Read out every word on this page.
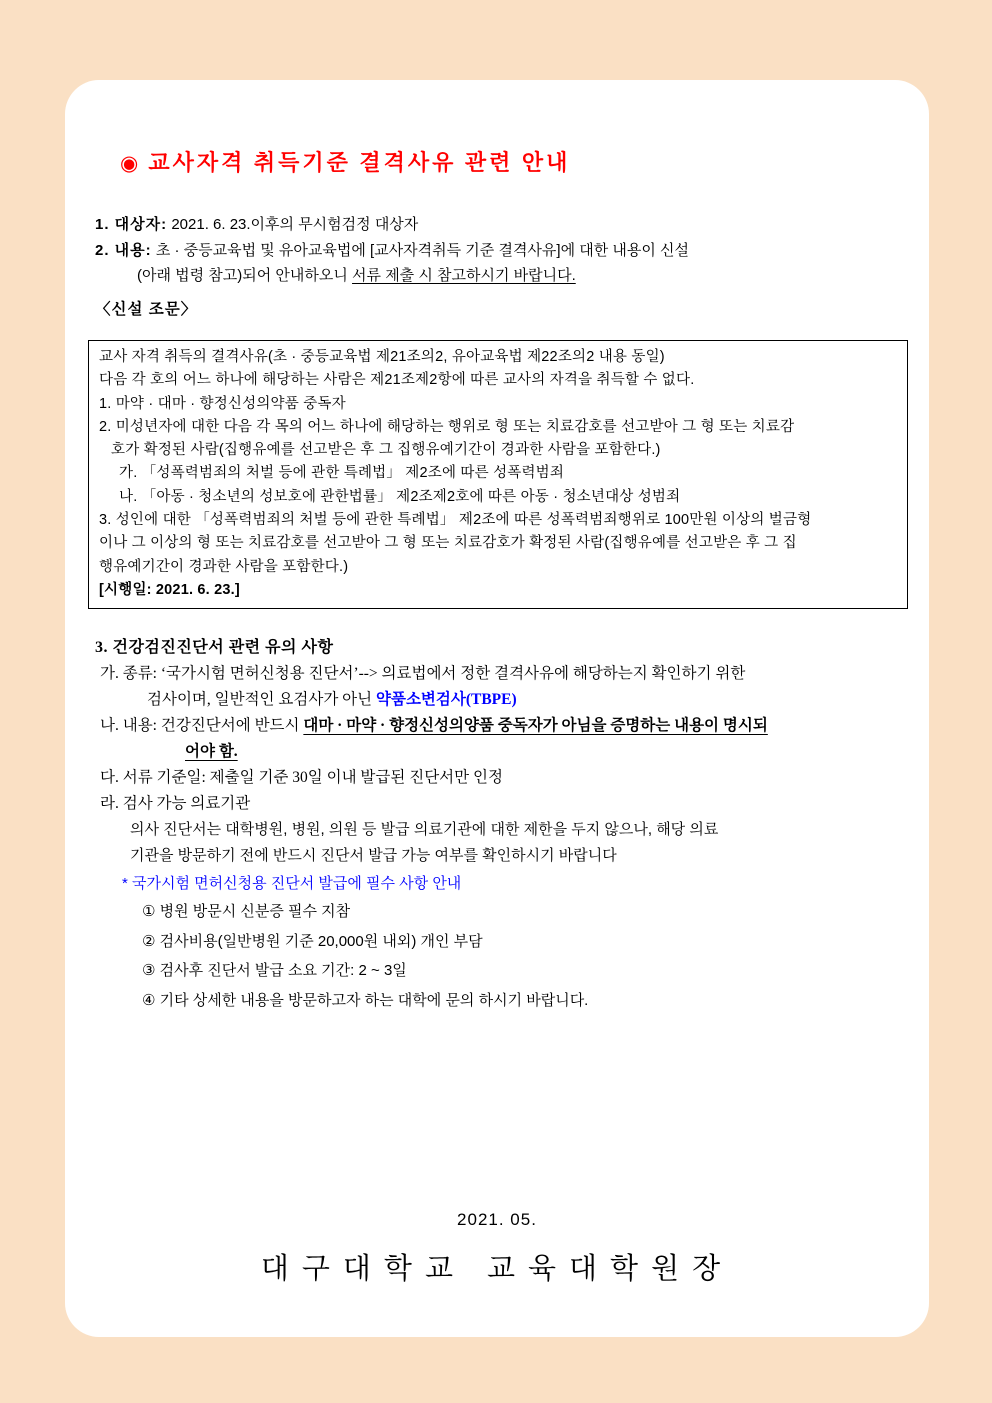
◉ 교사자격 취득기준 결격사유 관련 안내
1. 대상자: 2021. 6. 23.이후의 무시험검정 대상자
2. 내용: 초 · 중등교육법 및 유아교육법에 [교사자격취득 기준 결격사유]에 대한 내용이 신설
(아래 법령 참고)되어 안내하오니 서류 제출 시 참고하시기 바랍니다.
〈신설 조문〉
교사 자격 취득의 결격사유(초 · 중등교육법 제21조의2, 유아교육법 제22조의2 내용 동일)
다음 각 호의 어느 하나에 해당하는 사람은 제21조제2항에 따른 교사의 자격을 취득할 수 없다.
1. 마약 · 대마 · 향정신성의약품 중독자
2. 미성년자에 대한 다음 각 목의 어느 하나에 해당하는 행위로 형 또는 치료감호를 선고받아 그 형 또는 치료감
호가 확정된 사람(집행유예를 선고받은 후 그 집행유예기간이 경과한 사람을 포함한다.)
가. 「성폭력범죄의 처벌 등에 관한 특례법」 제2조에 따른 성폭력범죄
나. 「아동 · 청소년의 성보호에 관한법률」 제2조제2호에 따른 아동 · 청소년대상 성범죄
3. 성인에 대한 「성폭력범죄의 처벌 등에 관한 특례법」 제2조에 따른 성폭력범죄행위로 100만원 이상의 벌금형
이나 그 이상의 형 또는 치료감호를 선고받아 그 형 또는 치료감호가 확정된 사람(집행유예를 선고받은 후 그 집
행유예기간이 경과한 사람을 포함한다.)
[시행일: 2021. 6. 23.]
3. 건강검진진단서 관련 유의 사항
가. 종류: ‘국가시험 면허신청용 진단서’--> 의료법에서 정한 결격사유에 해당하는지 확인하기 위한
검사이며, 일반적인 요검사가 아닌 약품소변검사(TBPE)
나. 내용: 건강진단서에 반드시 대마 · 마약 · 향정신성의양품 중독자가 아님을 증명하는 내용이 명시되
어야 함.
다. 서류 기준일: 제출일 기준 30일 이내 발급된 진단서만 인정
라. 검사 가능 의료기관
의사 진단서는 대학병원, 병원, 의원 등 발급 의료기관에 대한 제한을 두지 않으나, 해당 의료
기관을 방문하기 전에 반드시 진단서 발급 가능 여부를 확인하시기 바랍니다
* 국가시험 면허신청용 진단서 발급에 필수 사항 안내
① 병원 방문시 신분증 필수 지참
② 검사비용(일반병원 기준 20,000원 내외) 개인 부담
③ 검사후 진단서 발급 소요 기간: 2 ~ 3일
④ 기타 상세한 내용을 방문하고자 하는 대학에 문의 하시기 바랍니다.
2021. 05.
대구대학교 교육대학원장
